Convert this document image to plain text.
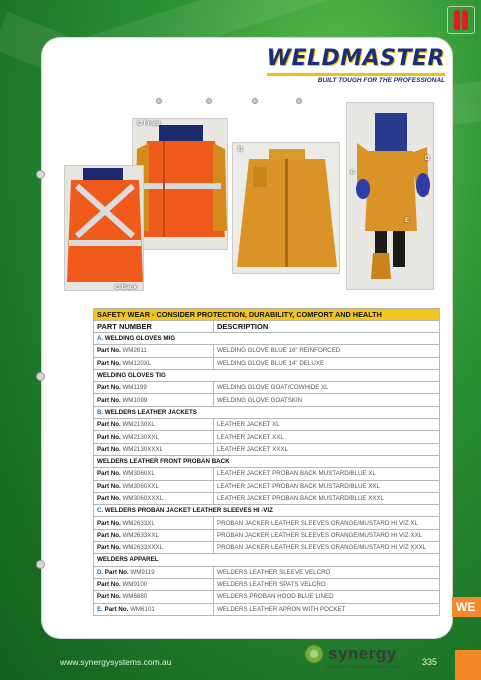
WELDMASTER
BUILT TOUGH FOR THE PROFESSIONAL
C Front
C Back
B
A
D
E
SAFETY WEAR - CONSIDER PROTECTION, DURABILITY, COMFORT AND HEALTH	
PART NUMBER	DESCRIPTION
A. WELDING GLOVES MIG	
Part No. WM2611	WELDING GLOVE BLUE 16" REINFORCED
Part No. WM120XL	WELDING GLOVE BLUE 14" DELUXE
WELDING GLOVES TIG	
Part No. WM1199	WELDING GLOVE GOAT/COWHIDE XL
Part No. WM1099	WELDING GLOVE GOATSKIN
B. WELDERS LEATHER JACKETS	
Part No. WM2130XL	LEATHER JACKET XL
Part No. WM2130XXL	LEATHER JACKET XXL
Part No. WM2130XXXL	LEATHER JACKET XXXL
WELDERS LEATHER FRONT PROBAN BACK	
Part No. WM3060XL	LEATHER JACKET PROBAN BACK MUSTARD/BLUE XL
Part No. WM3060XXL	LEATHER JACKET PROBAN BACK MUSTARD/BLUE XXL
Part No. WM3060XXXL	LEATHER JACKET PROBAN BACK MUSTARD/BLUE XXXL
C. WELDERS PROBAN JACKET LEATHER SLEEVES HI -VIZ	
Part No. WM2633XL	PROBAN JACKER LEATHER SLEEVES ORANGE/MUSTARD HI VIZ XL
Part No. WM2633XXL	PROBAN JACKER LEATHER SLEEVES ORANGE/MUSTARD HI VIZ XXL
Part No. WM2633XXXL	PROBAN JACKER LEATHER SLEEVES ORANGE/MUSTARD HI VIZ XXXL
WELDERS APPAREL	
D. Part No. WM9119	WELDERS LEATHER SLEEVE VELCRO
Part No. WM9100	WELDERS LEATHER SPATS VELCRO
Part No. WM6880	WELDERS PROBAN HOOD BLUE LINED
E. Part No. WM6101	WELDERS LEATHER APRON WITH POCKET	WE
www.synergysystems.com.au	synergy
Construction | Industrial Supply Group 335
